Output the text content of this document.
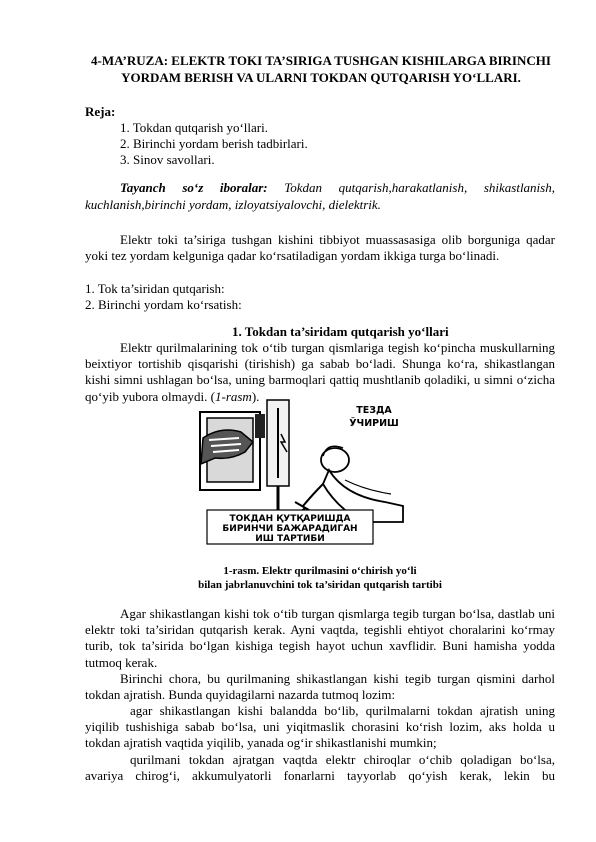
4-MA’RUZA: ELEKTR TOKI TA’SIRIGA TUSHGAN KISHILARGA BIRINCHI YORDAM BERISH VA ULARNI TOKDAN QUTQARISH YO‘LLARI.
Reja:
1. Tokdan qutqarish yo‘llari.
2. Birinchi yordam berish tadbirlari.
3. Sinov savollari.
Tayanch so‘z iboralar: Tokdan qutqarish,harakatlanish, shikastlanish,
kuchlanish,birinchi yordam, izloyatsiyalovchi, dielektrik.
Elektr toki ta’siriga tushgan kishini tibbiyot muassasasiga olib borguniga qadar yoki tez yordam kelguniga qadar ko‘rsatiladigan yordam ikkiga turga bo‘linadi.
1. Tok ta’siridan qutqarish:
2. Birinchi yordam ko‘rsatish:
1. Tokdan ta’siridam qutqarish yo‘llari
Elektr qurilmalarining tok o‘tib turgan qismlariga tegish ko‘pincha muskullarning beixtiyor tortishib qisqarishi (tirishish) ga sabab bo‘ladi. Shunga ko‘ra, shikastlangan kishi simni ushlagan bo‘lsa, uning barmoqlari qattiq mushtlanib qoladiki, u simni o‘zicha qo‘yib yubora olmaydi. (1-rasm).
ТЕЗДА
ЎЧИРИШ
ТОКДАН ҚУТҚАРИШДА
БИРИНЧИ БАЖАРАДИГАН
ИШ ТАРТИБИ
1-rasm. Elektr qurilmasini o‘chirish yo‘li
bilan jabrlanuvchini tok ta’siridan qutqarish tartibi
Agar shikastlangan kishi tok o‘tib turgan qismlarga tegib turgan bo‘lsa, dastlab uni elektr toki ta’siridan qutqarish kerak. Ayni vaqtda, tegishli ehtiyot choralarini ko‘rmay turib, tok ta’sirida bo‘lgan kishiga tegish hayot uchun xavflidir. Buni hamisha yodda tutmoq kerak.
Birinchi chora, bu qurilmaning shikastlangan kishi tegib turgan qismini darhol tokdan ajratish. Bunda quyidagilarni nazarda tutmoq lozim:
agar shikastlangan kishi balandda bo‘lib, qurilmalarni tokdan ajratish uning yiqilib tushishiga sabab bo‘lsa, uni yiqitmaslik chorasini ko‘rish lozim, aks holda u tokdan ajratish vaqtida yiqilib, yanada og‘ir shikastlanishi mumkin;
qurilmani tokdan ajratgan vaqtda elektr chiroqlar o‘chib qoladigan bo‘lsa, avariya chirog‘i, akkumulyatorli fonarlarni tayyorlab qo‘yish kerak, lekin bu
